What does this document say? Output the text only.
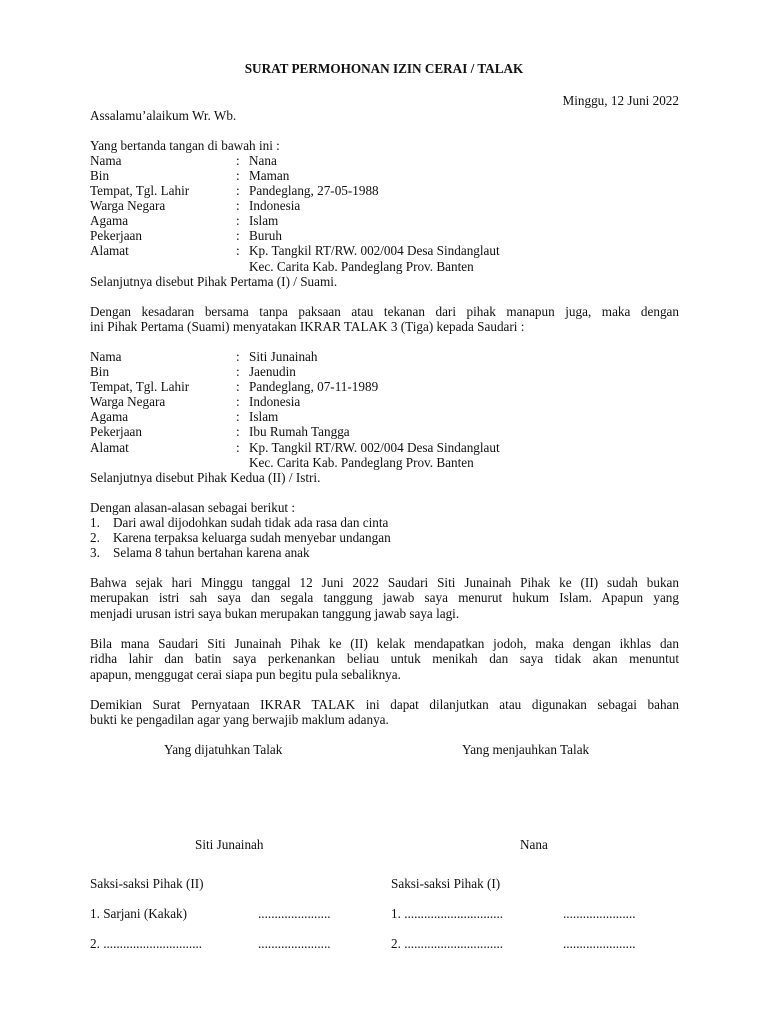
SURAT PERMOHONAN IZIN CERAI / TALAK
Minggu, 12 Juni 2022
Assalamu’alaikum Wr. Wb.
Yang bertanda tangan di bawah ini :
Nama	: Nana
Bin	: Maman
Tempat, Tgl. Lahir	: Pandeglang, 27-05-1988
Warga Negara	: Indonesia
Agama	: Islam
Pekerjaan	: Buruh
Alamat	: Kp. Tangkil RT/RW. 002/004 Desa Sindanglaut
Kec. Carita Kab. Pandeglang Prov. Banten
Selanjutnya disebut Pihak Pertama (I) / Suami.
Dengan kesadaran bersama tanpa paksaan atau tekanan dari pihak manapun juga, maka dengan
ini Pihak Pertama (Suami) menyatakan IKRAR TALAK 3 (Tiga) kepada Saudari :
Nama	: Siti Junainah
Bin	: Jaenudin
Tempat, Tgl. Lahir	: Pandeglang, 07-11-1989
Warga Negara	: Indonesia
Agama	: Islam
Pekerjaan	: Ibu Rumah Tangga
Alamat	: Kp. Tangkil RT/RW. 002/004 Desa Sindanglaut
Kec. Carita Kab. Pandeglang Prov. Banten
Selanjutnya disebut Pihak Kedua (II) / Istri.
Dengan alasan-alasan sebagai berikut :
1. Dari awal dijodohkan sudah tidak ada rasa dan cinta
2. Karena terpaksa keluarga sudah menyebar undangan
3. Selama 8 tahun bertahan karena anak
Bahwa sejak hari Minggu tanggal 12 Juni 2022 Saudari Siti Junainah Pihak ke (II) sudah bukan
merupakan istri sah saya dan segala tanggung jawab saya menurut hukum Islam. Apapun yang
menjadi urusan istri saya bukan merupakan tanggung jawab saya lagi.
Bila mana Saudari Siti Junainah Pihak ke (II) kelak mendapatkan jodoh, maka dengan ikhlas dan
ridha lahir dan batin saya perkenankan beliau untuk menikah dan saya tidak akan menuntut
apapun, menggugat cerai siapa pun begitu pula sebaliknya.
Demikian Surat Pernyataan IKRAR TALAK ini dapat dilanjutkan atau digunakan sebagai bahan
bukti ke pengadilan agar yang berwajib maklum adanya.
Yang dijatuhkan Talak	Yang menjauhkan Talak
Siti Junainah	Nana
Saksi-saksi Pihak (II)	Saksi-saksi Pihak (I)
1. Sarjani (Kakak)	......................	1. ..............................	......................
2. ..............................	......................	2. ..............................	......................
